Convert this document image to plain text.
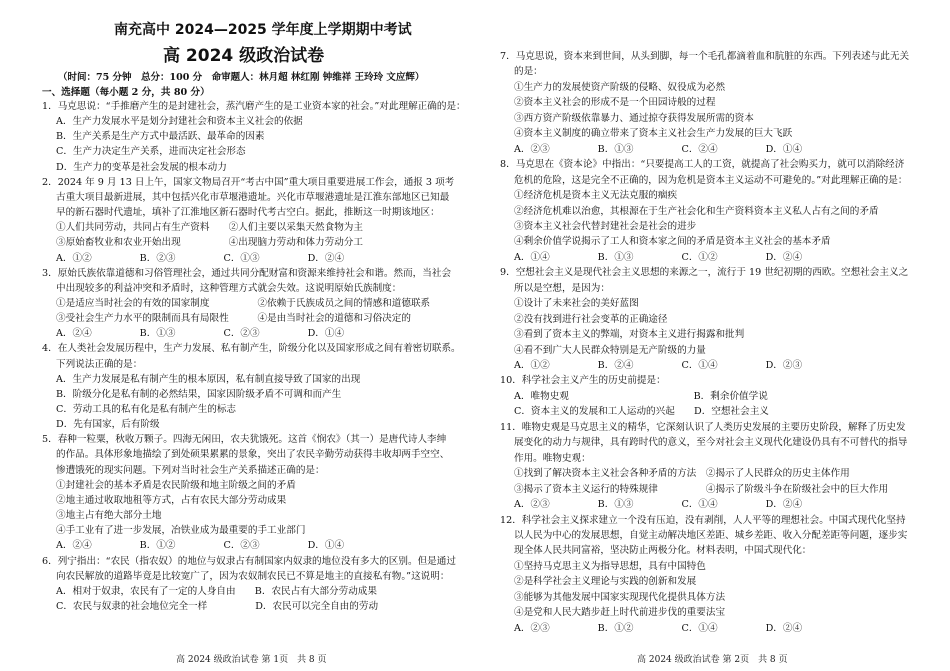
南充高中 2024—2025 学年度上学期期中考试
高 2024 级政治试卷
（时间：75 分钟　总分：100 分　命审题人：林月超 林红刚 钟维祥 王玲玲 文应辉）
一、选择题（每小题 2 分，共 80 分）
1．马克思说：“手推磨产生的是封建社会，蒸汽磨产生的是工业资本家的社会。”对此理解正确的是：
A．生产力发展水平是划分封建社会和资本主义社会的依据
B．生产关系是生产方式中最活跃、最革命的因素
C．生产力决定生产关系，进而决定社会形态
D．生产力的变革是社会发展的根本动力
2．2024 年 9 月 13 日上午，国家文物局召开“考古中国”重大项目重要进展工作会，通报 3 项考
古重大项目最新进展，其中包括兴化市草堰港遗址。兴化市草堰港遗址是江淮东部地区已知最
早的新石器时代遗址，填补了江淮地区新石器时代考古空白。据此，推断这一时期该地区：
①人们共同劳动，共同占有生产资料　　②人们主要以采集天然食物为主
③原始畜牧业和农业开始出现　　　　　④出现脑力劳动和体力劳动分工
A．①②　　　　　B．②③　　　　　C．①③　　　　　D．②④
3．原始氏族依靠道德和习俗管理社会，通过共同分配财富和资源来维持社会和谐。然而，当社会
中出现较多的利益冲突和矛盾时，这种管理方式就会失效。这说明原始氏族制度：
①是适应当时社会的有效的国家制度　　　　　②依赖于氏族成员之间的情感和道德联系
③受社会生产力水平的限制而具有局限性　　　④是由当时社会的道德和习俗决定的
A．②④　　　　　B．①③　　　　　C．②③　　　　　D．①④
4．在人类社会发展历程中，生产力发展、私有制产生，阶级分化以及国家形成之间有着密切联系。
下列说法正确的是：
A．生产力发展是私有制产生的根本原因，私有制直接导致了国家的出现
B．阶级分化是私有制的必然结果，国家因阶级矛盾不可调和而产生
C．劳动工具的私有化是私有制产生的标志
D．先有国家，后有阶级
5．春种一粒粟，秋收万颗子。四海无闲田，农夫犹饿死。这首《悯农》（其一）是唐代诗人李绅
的作品。具体形象地描绘了到处硕果累累的景象，突出了农民辛勤劳动获得丰收却两手空空、
惨遭饿死的现实问题。下列对当时社会生产关系描述正确的是：
①封建社会的基本矛盾是农民阶级和地主阶级之间的矛盾
②地主通过收取地租等方式，占有农民大部分劳动成果
③地主占有绝大部分土地
④手工业有了进一步发展，冶铁业成为最重要的手工业部门
A．②④　　　　　B．①②　　　　　C．②③　　　　　D．①④
6．列宁指出：“农民（指农奴）的地位与奴隶占有制国家内奴隶的地位没有多大的区别。但是通过
向农民解放的道路毕竟是比较宽广了，因为农奴制农民已不算是地主的直接私有物。”这说明：
A．相对于奴隶，农民有了一定的人身自由　　B．农民占有大部分劳动成果
C．农民与奴隶的社会地位完全一样　　　　　D．农民可以完全自由的劳动
7．马克思说，资本来到世间，从头到脚，每一个毛孔都滴着血和肮脏的东西。下列表述与此无关
的是：
①生产力的发展使资产阶级的侵略、奴役成为必然
②资本主义社会的形成不是一个田园诗般的过程
③西方资产阶级依靠暴力、通过掠夺获得发展所需的资本
④资本主义制度的确立带来了资本主义社会生产力发展的巨大飞跃
A．②③　　　　　B．①③　　　　　C．②④　　　　　D．①④
8．马克思在《资本论》中指出：“只要提高工人的工资，就提高了社会购买力，就可以消除经济
危机的危险，这是完全不正确的，因为危机是资本主义运动不可避免的。”对此理解正确的是：
①经济危机是资本主义无法克服的痼疾
②经济危机难以治愈，其根源在于生产社会化和生产资料资本主义私人占有之间的矛盾
③资本主义社会代替封建社会是社会的进步
④剩余价值学说揭示了工人和资本家之间的矛盾是资本主义社会的基本矛盾
A．①④　　　　　B．①③　　　　　C．①②　　　　　D．②④
9．空想社会主义是现代社会主义思想的来源之一，流行于 19 世纪初期的西欧。空想社会主义之
所以是空想，是因为：
①设计了未来社会的美好蓝图
②没有找到进行社会变革的正确途径
③看到了资本主义的弊端，对资本主义进行揭露和批判
④看不到广大人民群众特别是无产阶级的力量
A．①②　　　　　B．②④　　　　　C．①④　　　　　D．②③
10．科学社会主义产生的历史前提是：
A．唯物史观　　　　　　　　　　　　　B．剩余价值学说
C．资本主义的发展和工人运动的兴起　　D．空想社会主义
11．唯物史观是马克思主义的精华，它深刻认识了人类历史发展的主要历史阶段，解释了历史发
展变化的动力与规律，具有跨时代的意义，至今对社会主义现代化建设仍具有不可替代的指导
作用。唯物史观：
①找到了解决资本主义社会各种矛盾的方法　②揭示了人民群众的历史主体作用
③揭示了资本主义运行的特殊规律　　　　　④揭示了阶级斗争在阶级社会中的巨大作用
A．②③　　　　　B．①③　　　　　C．①④　　　　　D．②④
12．科学社会主义探求建立一个没有压迫，没有剥削，人人平等的理想社会。中国式现代化坚持
以人民为中心的发展思想，自觉主动解决地区差距、城乡差距、收入分配差距等问题，逐步实
现全体人民共同富裕，坚决防止两极分化。材料表明，中国式现代化：
①坚持马克思主义为指导思想，具有中国特色
②是科学社会主义理论与实践的创新和发展
③能够为其他发展中国家实现现代化提供具体方法
④是党和人民大踏步赶上时代前进步伐的重要法宝
A．②③　　　　　B．①②　　　　　C．①④　　　　　D．②④
高 2024 级政治试卷 第 1页　共 8 页	高 2024 级政治试卷 第 2页　共 8 页
